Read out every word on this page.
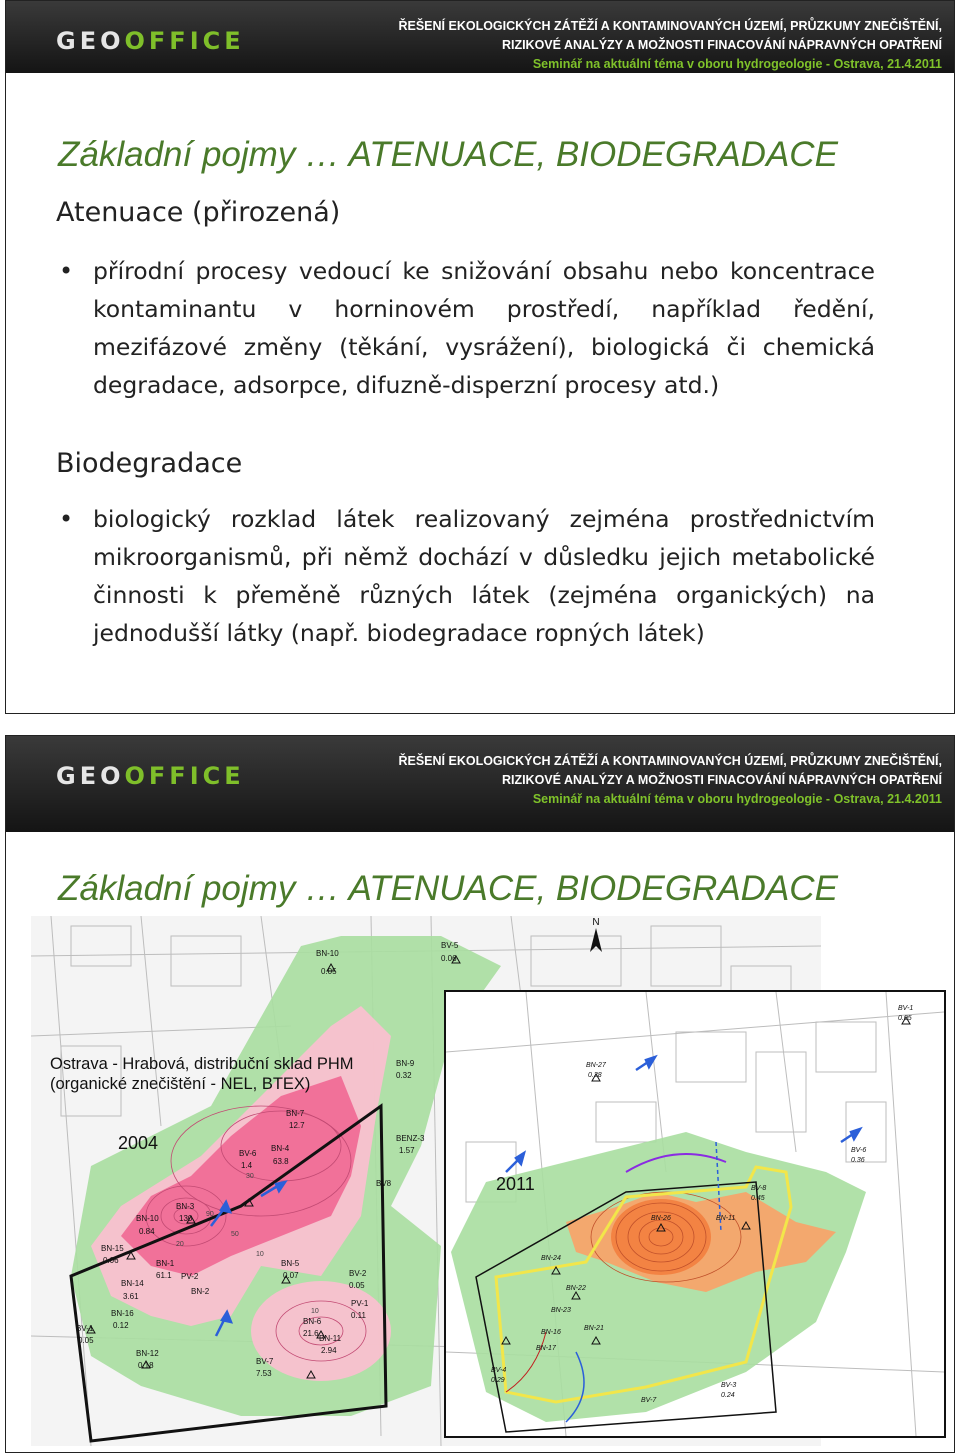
GEOOFFICE
ŘEŠENÍ EKOLOGICKÝCH ZÁTĚŽÍ A KONTAMINOVANÝCH ÚZEMÍ, PRŮZKUMY ZNEČIŠTĚNÍ,
RIZIKOVÉ ANALÝZY A MOŽNOSTI FINACOVÁNÍ NÁPRAVNÝCH OPATŘENÍ
Seminář na aktuální téma v oboru hydrogeologie - Ostrava, 21.4.2011
Základní pojmy … ATENUACE, BIODEGRADACE
Atenuace (přirozená)
• přírodní procesy vedoucí ke snižování obsahu nebo koncentrace kontaminantu v horninovém prostředí, například ředění, mezifázové změny (těkání, vysrážení), biologická či chemická degradace, adsorpce, difuzně-disperzní procesy atd.)
Biodegradace
• biologický rozklad látek realizovaný zejména prostřednictvím mikroorganismů, při němž dochází v důsledku jejich metabolické činnosti k přeměně různých látek (zejména organických) na jednodušší látky (např. biodegradace ropných látek)
GEOOFFICE
ŘEŠENÍ EKOLOGICKÝCH ZÁTĚŽÍ A KONTAMINOVANÝCH ÚZEMÍ, PRŮZKUMY ZNEČIŠTĚNÍ,
RIZIKOVÉ ANALÝZY A MOŽNOSTI FINACOVÁNÍ NÁPRAVNÝCH OPATŘENÍ
Seminář na aktuální téma v oboru hydrogeologie - Ostrava, 21.4.2011
Základní pojmy … ATENUACE, BIODEGRADACE
BN-10
0.05
BV-5
0.06
BN-9
0.32
BN-7
12.7
BN-4
63.8
BV-6
1.4
BN-3
130
BN-10
0.84
BN-15
0.06	BN-1
61.1 PV-2
BN-14
3.61
BN-2
BN-16
0.12
BN-5
0.07	BV-2
0.05
PV-1
0.11
BN-6
21.6
BN-11
2.94
BN-12
0.18
BV-1
0.05
BV-7
7.53
BENZ-3
1.57
BV8
30
90
50
10
20
10
N
Ostrava - Hrabová, distribuční sklad PHM
(organické znečištění - NEL, BTEX)
2004
BV-1
0.05
BN-27
0.38
BV-6
0.36
BV-8
0.45
BN-26	BN-11
BN-24
BN-22
BN-23
BN-21
BV-4
0.29
BV-3
0.24
BV-7
BN-17
BN-16
2011
